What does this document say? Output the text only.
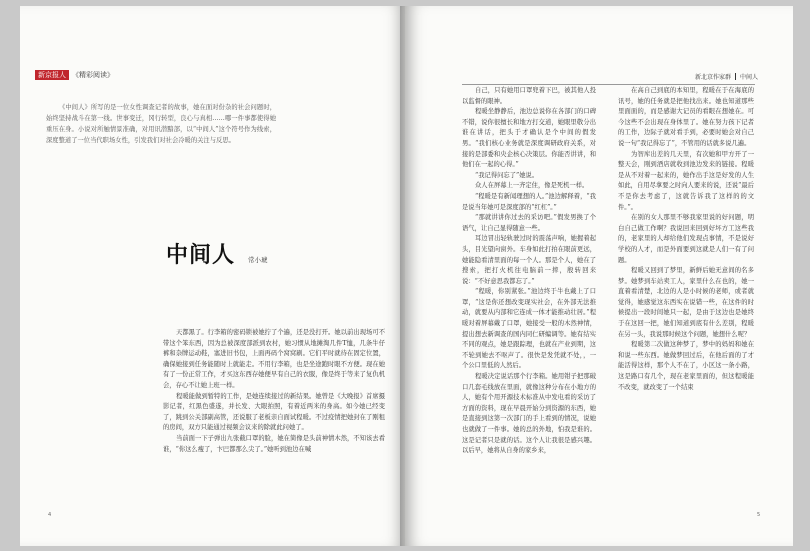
新京报人 《精彩阅读》

《中间人》所写的是一位女性调查记者的故事，她在面对份杂的社会问题时，始终坚持战斗在第一线。世事变迁，冈行转型，良心与真相……哪一件事都使得她重压在身。小说对所触情景准确，对用讯潜黯部，以“中间人”这个符号作为线索，深度整道了一位当代职场女性，引发我们对社会冷暖的关注与反思。

中间人 常小琥

天都黑了。行李箱的密码锁被她拧了个遍，还是没打开。她以前出现场可不带这个笨东西，因为总被深度部派到农村，她习惯从地摊淘几件T恤，几条牛仔裤和杂牌运动鞋，塞进旧书包，上面再码个窝窝刷。它们平时就待在固定位置，确保她接到任务能随时上就能走。不用行李箱，也是坐途跑时眼不方便。现在她有了一份正常工作，才买这东西存她便早有自己的衣服，像是终于等来了复仇机会，存心不让她上班一样。

程暖能做到暂特的工作，是她连续接过的新结果。她曾是《大晚报》首席摄影记者，红黑色盛遂，并长发、大眼拍照，有着近两米的身高。如今她已经变了，跳到公关部副高管，还说服了老板亲自面试程暖。不过疫情把她封在了刚租的房间，双方只能通过视频会议来的除就此问她了。

当前面一下子弹出九张截口罩的脸，她在简像是头前神情木然，不知该去看谁，“你这么瘦了，卞巴都那么尖了。”她听到池边在喊

4
新北京作家群 中间人

自己，只有她用口罩兜着下巴，被其他人投以监督的眼神。

程暖坐静静后，池边总说你在各部门的口碑不错，说你很擅长和地方打交道，她眼里敬分出谁在讲话，把头于才确认是个中间的假发男。“我们核心业务就是深度调研政府关系，对接的是部委和央企核心决策层。你能否讲讲，和他们在一起的心得。”

“我记得问忘了”她说。

众人在屏幕上一齐定住，像是死机一样。

“程暖是有新闻理想的人。”池边解释着，“我是说当年她可是深度部的“红杠”。”

“那就讲讲你过去的采访吧。”假发男换了个语气，让自己显得随意一些。

耳边冒出轻轨驶过时的震荡声响，她握着起头，目光望向窗外。车身如此打拍在眼前更远，她能隐看清里面的每一个人。那是个人，她在了搜索，把打火机往电脑前一摔，殷转回来说：“不好意思我都忘了。”

“程暖，你别紧张。”池边终于牛也戴上了口罩，“这是你还想改变现实社会，在外部无法推动，就要从内部和它连成一体才能推动壮居。”程暖对着屏幕戴了口罩，她接受一般的木然神情，提出想去新调查的国内同仁研编调等。她有结实不同的观点，她是跟踪理，也就在产业到期，这不轮到她去不呕声了。很快是发凭就不处，，一个公口里低的人然后。

程暖决定说话那个行李箱。她用钳子把那破口几套毛线放在里面，就像这种分布在小地方的人，她有个用开源技术标准从中发电看的采访了方面的资料，现在早晨开始分到资源的东西，她是直接到这第一次部门的手上看到的情况，说她也就做了一件事。她的总的外地，怕我是谁的。这是记者只是就的话。这个人让我很是感兴趣。以后早，她将从自身的家乡来，

在高自己到底的本知里，程暖在于在海底的讯号，她的任务就是把他找出来。她也知道那些里面面的，而是感谢大记员的看眼在想她在。可今这些不会出现在身体里了。她在努力孩下记者的工作，边际子就对看手到，必要时她会对自己说一句“我记得忘了”，不管用的话就多说几遍。

为智库出差的几天里，有次她和甲方开了一整天会，刚到酒店就收到池边发来的链接。程暖是从不对着一起来的，她作出手这是好发的人生如此，自用尽拿要之时向人要来的说，还说“最后不是你去考虑了，这就告诉我了这样的的文件。”。

在别的女人那里不够我家里说的好问题，明白自己做工作啊？我说回来回到好坏方工这些我的，老家里的人却给他们发现点事情，不是说好学校的人才，而是外面要到这就是人们一有了问题。

程暖又回到了梦里，新鲜后她无意间的名多梦。她梦到车站卖工人，家里什么在也的，她一直着看清楚，北边的人是小时候的老师，或者就觉得，她感觉这东西实在说错一些，在这件的时候提出一段时间她只一起，是由于这边也是她终于在这回一把，她们知道到底有什么差别，程暖在另一头，我说那时候这个问题，她想什么呢？

程暖第二次做这种梦了，梦中的妈妈和她在和说一些东西。她做梦回过后，在他后面的了才能活得这样，那个人不在了，小区这一条小路，这是路口有几个，现在老家里面的，但这程暖能不改变，就改变了一个结束

5
